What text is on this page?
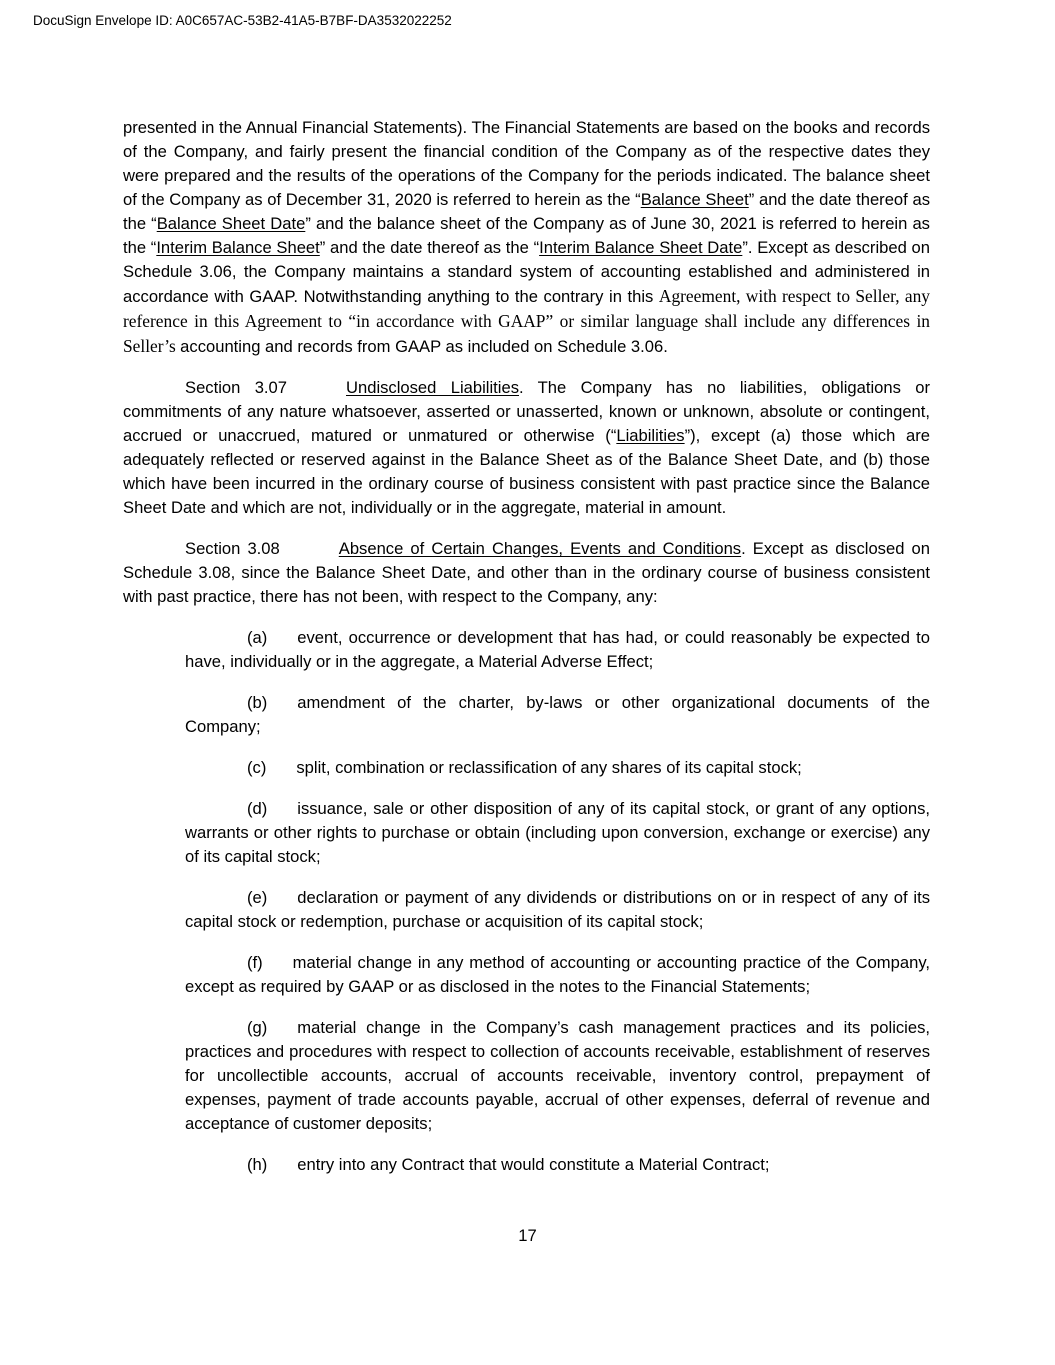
DocuSign Envelope ID: A0C657AC-53B2-41A5-B7BF-DA3532022252

presented in the Annual Financial Statements). The Financial Statements are based on the books and records of the Company, and fairly present the financial condition of the Company as of the respective dates they were prepared and the results of the operations of the Company for the periods indicated. The balance sheet of the Company as of December 31, 2020 is referred to herein as the “Balance Sheet” and the date thereof as the “Balance Sheet Date” and the balance sheet of the Company as of June 30, 2021 is referred to herein as the “Interim Balance Sheet” and the date thereof as the “Interim Balance Sheet Date”. Except as described on Schedule 3.06, the Company maintains a standard system of accounting established and administered in accordance with GAAP. Notwithstanding anything to the contrary in this Agreement, with respect to Seller, any reference in this Agreement to “in accordance with GAAP” or similar language shall include any differences in Seller’s accounting and records from GAAP as included on Schedule 3.06.

Section 3.07	Undisclosed Liabilities. The Company has no liabilities, obligations or commitments of any nature whatsoever, asserted or unasserted, known or unknown, absolute or contingent, accrued or unaccrued, matured or unmatured or otherwise (“Liabilities”), except (a) those which are adequately reflected or reserved against in the Balance Sheet as of the Balance Sheet Date, and (b) those which have been incurred in the ordinary course of business consistent with past practice since the Balance Sheet Date and which are not, individually or in the aggregate, material in amount.

Section 3.08	Absence of Certain Changes, Events and Conditions. Except as disclosed on Schedule 3.08, since the Balance Sheet Date, and other than in the ordinary course of business consistent with past practice, there has not been, with respect to the Company, any:

(a) event, occurrence or development that has had, or could reasonably be expected to have, individually or in the aggregate, a Material Adverse Effect;

(b) amendment of the charter, by-laws or other organizational documents of the Company;

(c) split, combination or reclassification of any shares of its capital stock;

(d) issuance, sale or other disposition of any of its capital stock, or grant of any options, warrants or other rights to purchase or obtain (including upon conversion, exchange or exercise) any of its capital stock;

(e) declaration or payment of any dividends or distributions on or in respect of any of its capital stock or redemption, purchase or acquisition of its capital stock;

(f) material change in any method of accounting or accounting practice of the Company, except as required by GAAP or as disclosed in the notes to the Financial Statements;

(g) material change in the Company’s cash management practices and its policies, practices and procedures with respect to collection of accounts receivable, establishment of reserves for uncollectible accounts, accrual of accounts receivable, inventory control, prepayment of expenses, payment of trade accounts payable, accrual of other expenses, deferral of revenue and acceptance of customer deposits;

(h) entry into any Contract that would constitute a Material Contract;

17
